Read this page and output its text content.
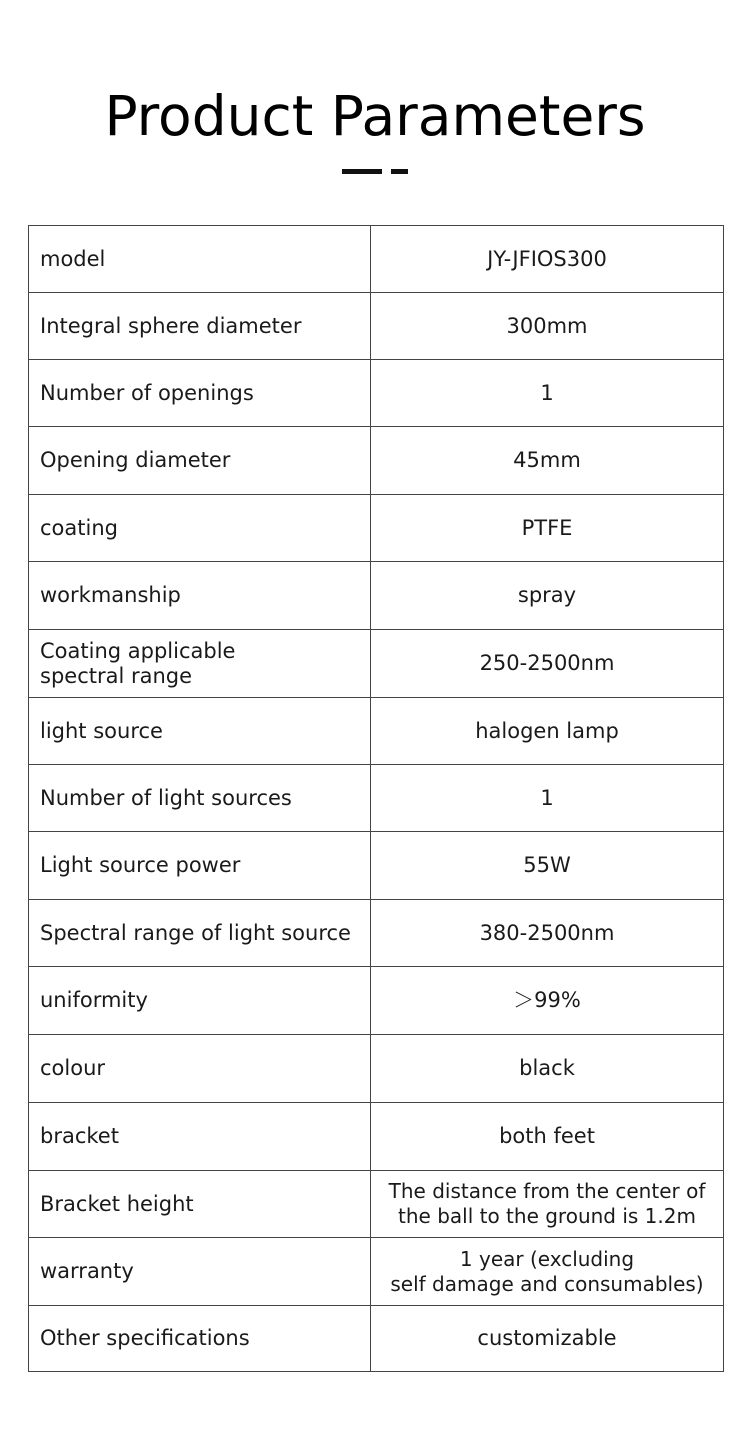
Product Parameters
model	JY-JFIOS300
Integral sphere diameter	300mm
Number of openings	1
Opening diameter	45mm
coating	PTFE
workmanship	spray
Coating applicable
spectral range	250-2500nm
light source	halogen lamp
Number of light sources	1
Light source power	55W
Spectral range of light source	380-2500nm
uniformity	＞99%
colour	black
bracket	both feet
Bracket height	The distance from the center of
the ball to the ground is 1.2m
warranty	1 year (excluding
self damage and consumables)
Other specifications	customizable
